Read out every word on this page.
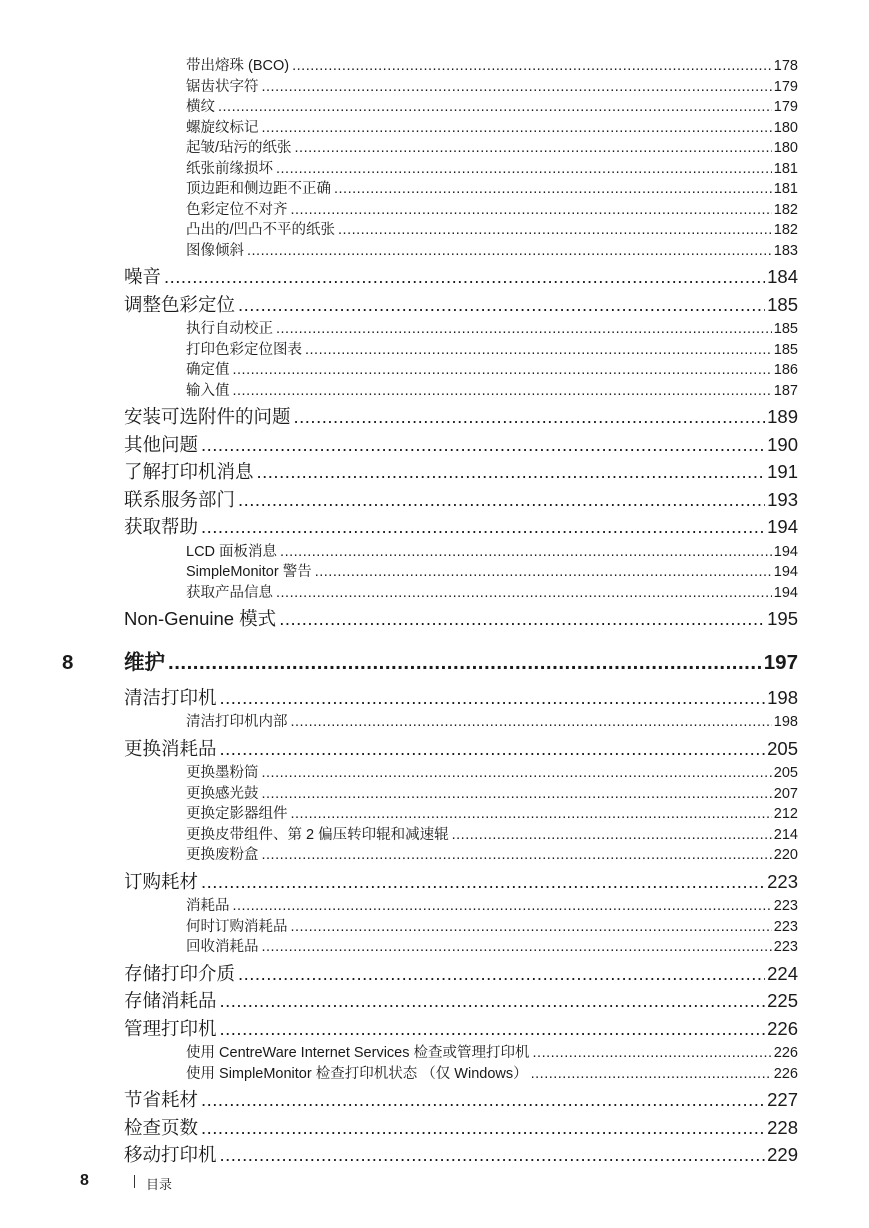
带出熔珠 (BCO) .....	178
锯齿状字符 .....	179
横纹 .....	179
螺旋纹标记 .....	180
起皱/玷污的纸张 .....	180
纸张前缘损坏 .....	181
顶边距和侧边距不正确 .....	181
色彩定位不对齐 .....	182
凸出的/凹凸不平的纸张 .....	182
图像倾斜 .....	183
噪音 .....	184
调整色彩定位 .....	185
执行自动校正 .....	185
打印色彩定位图表 .....	185
确定值 .....	186
输入值 .....	187
安装可选附件的问题 .....	189
其他问题 .....	190
了解打印机消息 .....	191
联系服务部门 .....	193
获取帮助 .....	194
LCD 面板消息 .....	194
SimpleMonitor 警告 .....	194
获取产品信息 .....	194
Non-Genuine 模式 .....	195
8 维护 .....	197
清洁打印机 .....	198
清洁打印机内部 .....	198
更换消耗品 .....	205
更换墨粉筒 .....	205
更换感光鼓 .....	207
更换定影器组件 .....	212
更换皮带组件、第 2 偏压转印辊和减速辊 .....	214
更换废粉盒 .....	220
订购耗材 .....	223
消耗品 .....	223
何时订购消耗品 .....	223
回收消耗品 .....	223
存储打印介质 .....	224
存储消耗品 .....	225
管理打印机 .....	226
使用 CentreWare Internet Services 检查或管理打印机 .....	226
使用 SimpleMonitor 检查打印机状态 （仅 Windows） .....	226
节省耗材 .....	227
检查页数 .....	228
移动打印机 .....	229
8	目录
